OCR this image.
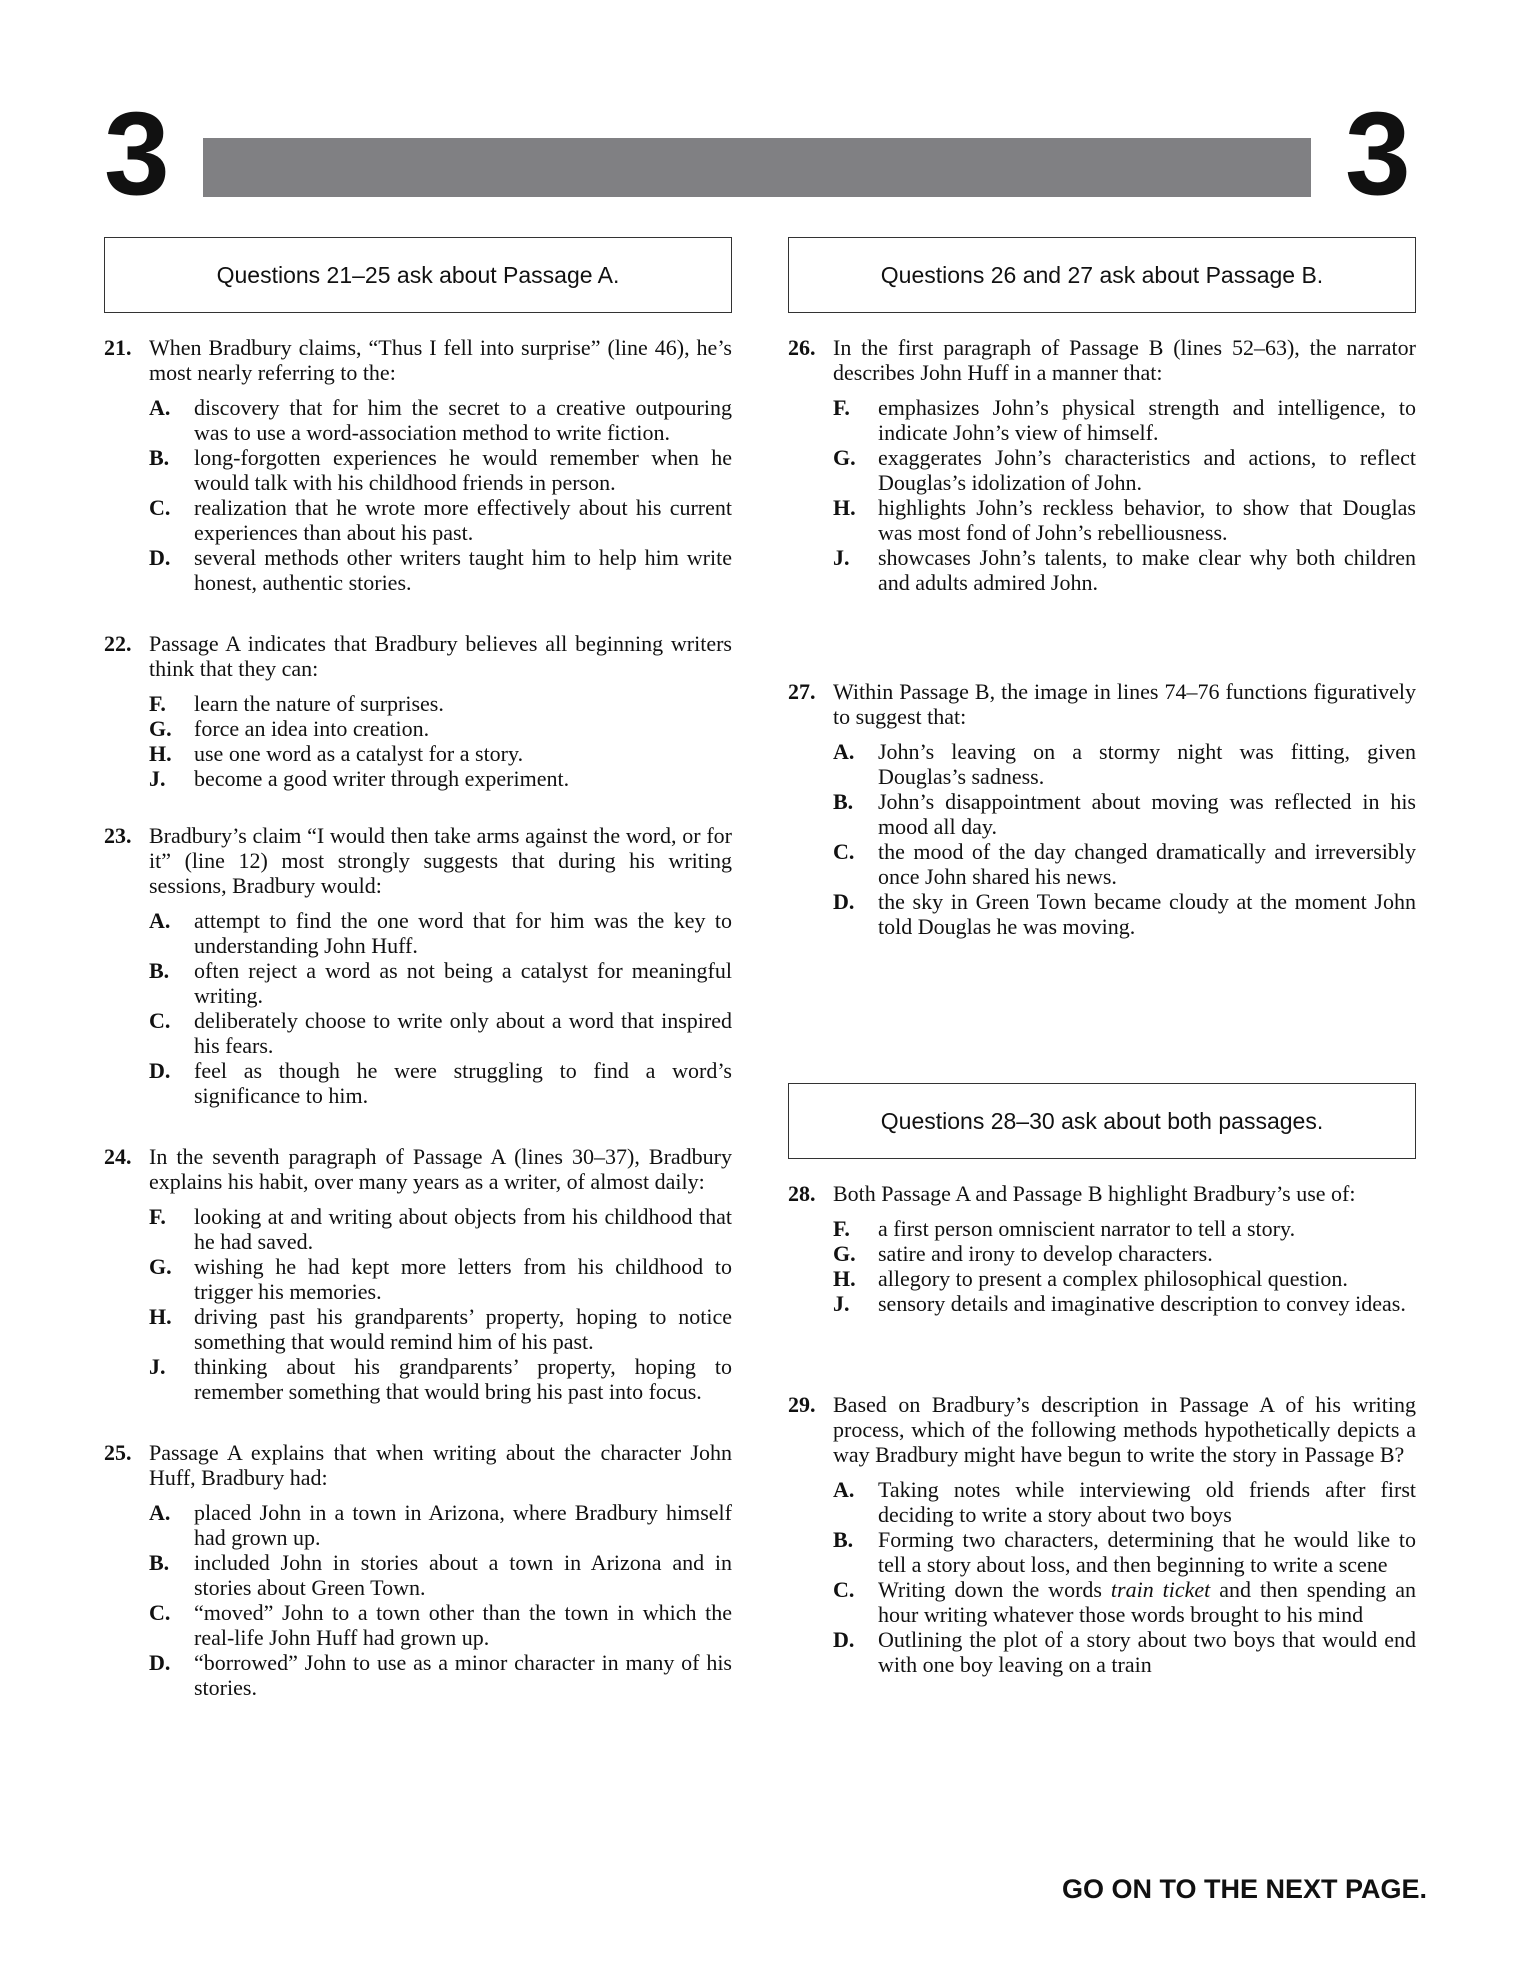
3	3
Questions 21–25 ask about Passage A.
21. When Bradbury claims, “Thus I fell into surprise” (line 46), he’s most nearly referring to the:
A.	discovery that for him the secret to a creative outpouring was to use a word-association method to write fiction.
B.	long-forgotten experiences he would remember when he would talk with his childhood friends in person.
C.	realization that he wrote more effectively about his current experiences than about his past.
D.	several methods other writers taught him to help him write honest, authentic stories.
22. Passage A indicates that Bradbury believes all beginning writers think that they can:
F.	learn the nature of surprises.
G.	force an idea into creation.
H.	use one word as a catalyst for a story.
J.	become a good writer through experiment.
23. Bradbury’s claim “I would then take arms against the word, or for it” (line 12) most strongly suggests that during his writing sessions, Bradbury would:
A.	attempt to find the one word that for him was the key to understanding John Huff.
B.	often reject a word as not being a catalyst for meaningful writing.
C.	deliberately choose to write only about a word that inspired his fears.
D.	feel as though he were struggling to find a word’s significance to him.
24. In the seventh paragraph of Passage A (lines 30–37), Bradbury explains his habit, over many years as a writer, of almost daily:
F.	looking at and writing about objects from his childhood that he had saved.
G.	wishing he had kept more letters from his childhood to trigger his memories.
H.	driving past his grandparents’ property, hoping to notice something that would remind him of his past.
J.	thinking about his grandparents’ property, hoping to remember something that would bring his past into focus.
25. Passage A explains that when writing about the character John Huff, Bradbury had:
A.	placed John in a town in Arizona, where Bradbury himself had grown up.
B.	included John in stories about a town in Arizona and in stories about Green Town.
C.	“moved” John to a town other than the town in which the real-life John Huff had grown up.
D.	“borrowed” John to use as a minor character in many of his stories.
Questions 26 and 27 ask about Passage B.
26. In the first paragraph of Passage B (lines 52–63), the narrator describes John Huff in a manner that:
F.	emphasizes John’s physical strength and intelligence, to indicate John’s view of himself.
G.	exaggerates John’s characteristics and actions, to reflect Douglas’s idolization of John.
H.	highlights John’s reckless behavior, to show that Douglas was most fond of John’s rebelliousness.
J.	showcases John’s talents, to make clear why both children and adults admired John.
27. Within Passage B, the image in lines 74–76 functions figuratively to suggest that:
A.	John’s leaving on a stormy night was fitting, given Douglas’s sadness.
B.	John’s disappointment about moving was reflected in his mood all day.
C.	the mood of the day changed dramatically and irreversibly once John shared his news.
D.	the sky in Green Town became cloudy at the moment John told Douglas he was moving.
Questions 28–30 ask about both passages.
28. Both Passage A and Passage B highlight Bradbury’s use of:
F.	a first person omniscient narrator to tell a story.
G.	satire and irony to develop characters.
H.	allegory to present a complex philosophical question.
J.	sensory details and imaginative description to convey ideas.
29. Based on Bradbury’s description in Passage A of his writing process, which of the following methods hypothetically depicts a way Bradbury might have begun to write the story in Passage B?
A.	Taking notes while interviewing old friends after first deciding to write a story about two boys
B.	Forming two characters, determining that he would like to tell a story about loss, and then beginning to write a scene
C.	Writing down the words train ticket and then spending an hour writing whatever those words brought to his mind
D.	Outlining the plot of a story about two boys that would end with one boy leaving on a train
GO ON TO THE NEXT PAGE.
